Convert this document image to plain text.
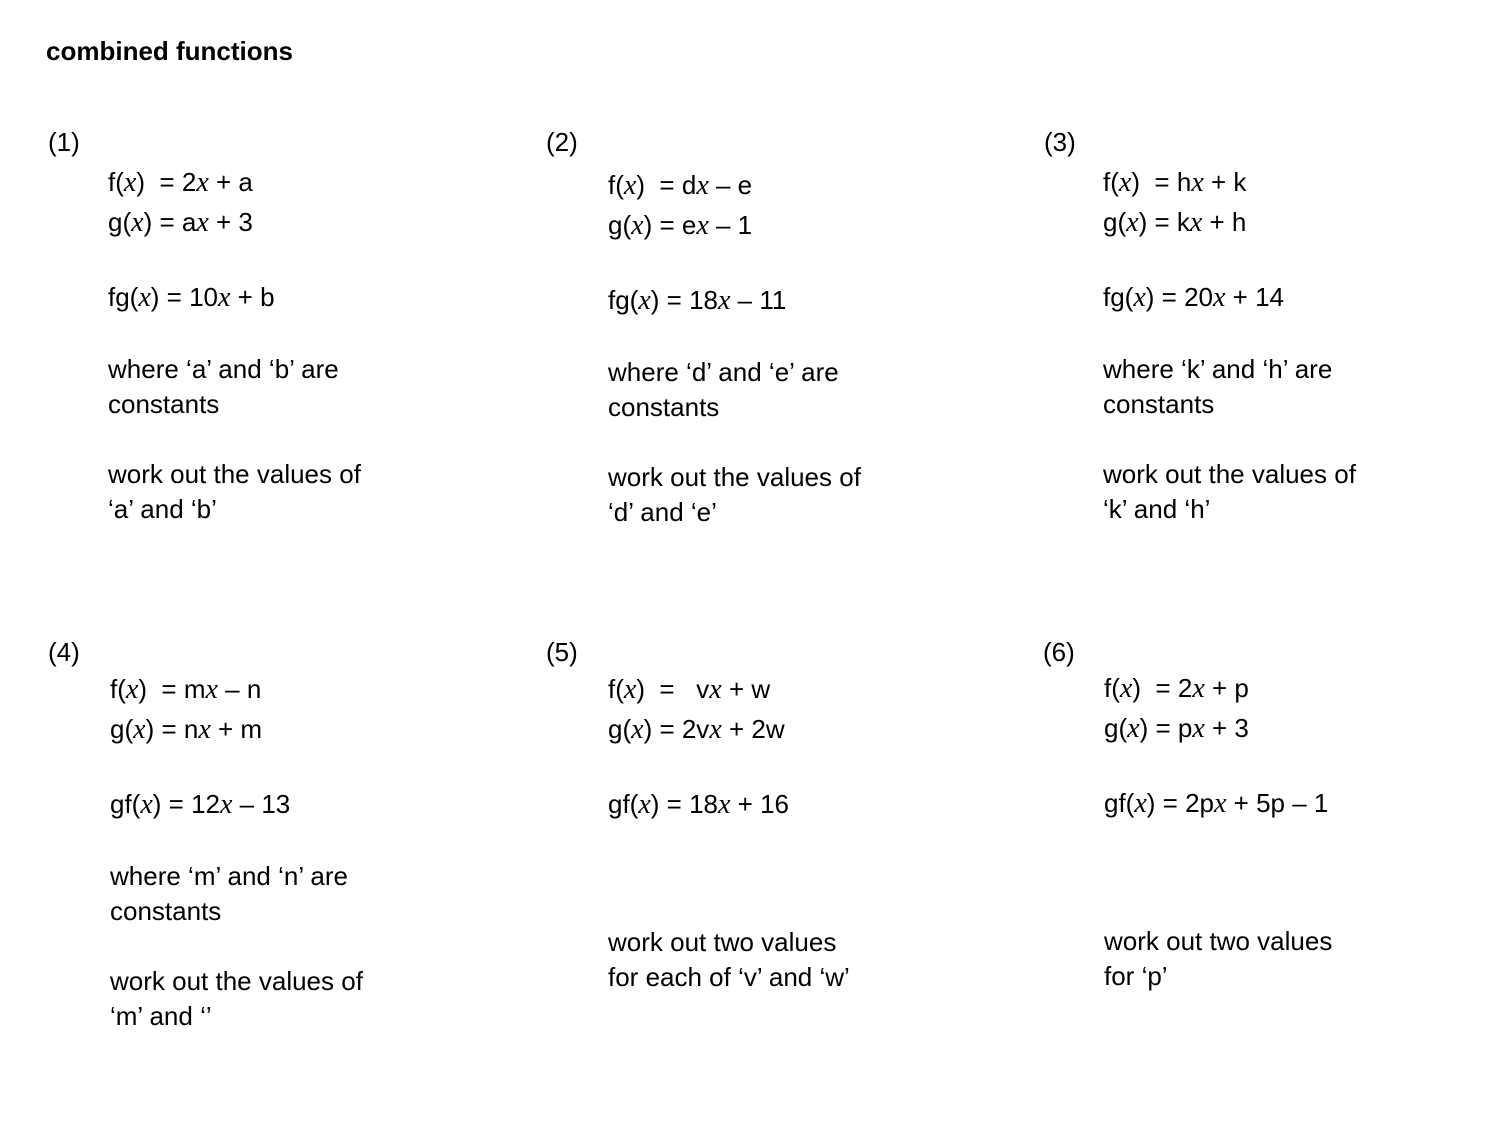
combined functions
(1)
f(x)  = 2x + a
g(x) = ax + 3
fg(x) = 10x + b
where ‘a’ and ‘b’ are
constants
work out the values of
‘a’ and ‘b’
(2)
f(x)  = dx – e
g(x) = ex – 1
fg(x) = 18x – 11
where ‘d’ and ‘e’ are
constants
work out the values of
‘d’ and ‘e’
(3)
f(x)  = hx + k
g(x) = kx + h
fg(x) = 20x + 14
where ‘k’ and ‘h’ are
constants
work out the values of
‘k’ and ‘h’
(4)
f(x)  = mx – n
g(x) = nx + m
gf(x) = 12x – 13
where ‘m’ and ‘n’ are
constants
work out the values of
‘m’ and ‘’
(5)
f(x)  =   vx + w
g(x) = 2vx + 2w
gf(x) = 18x + 16
work out two values
for each of ‘v’ and ‘w’
(6)
f(x)  = 2x + p
g(x) = px + 3
gf(x) = 2px + 5p – 1
work out two values
for ‘p’
